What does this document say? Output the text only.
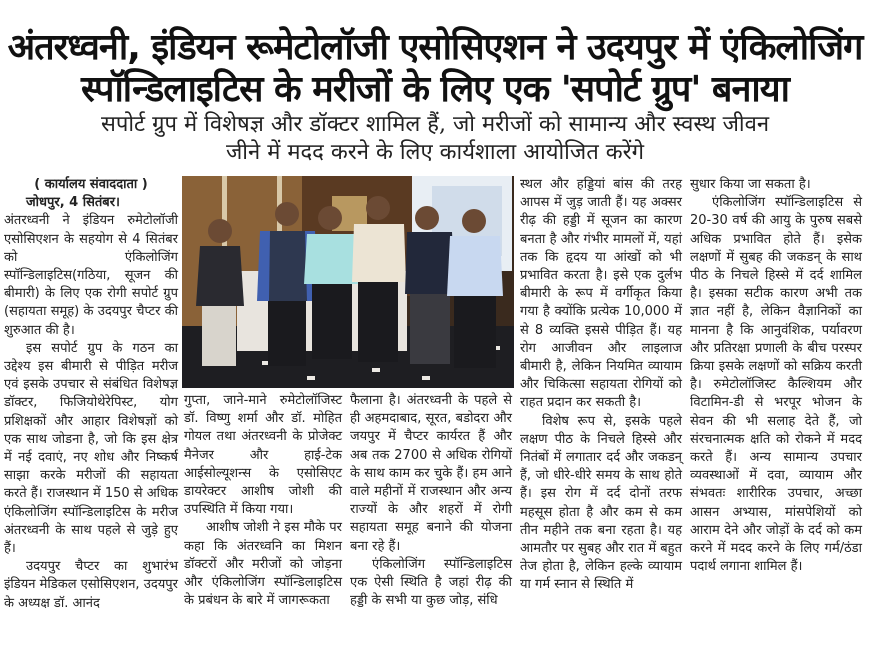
अंतरध्वनी, इंडियन रूमेटोलॉजी एसोसिएशन ने उदयपुर में एंकिलोजिंग
स्पॉन्डिलाइटिस के मरीजों के लिए एक 'सपोर्ट ग्रुप' बनाया
सपोर्ट ग्रुप में विशेषज्ञ और डॉक्टर शामिल हैं, जो मरीजों को सामान्य और स्वस्थ जीवन
जीने में मदद करने के लिए कार्यशाला आयोजित करेंगे

( कार्यालय संवाददाता )

जोधपुर, 4 सितंबर।

अंतरध्वनी ने इंडियन रुमेटोलॉजी एसोसिएशन के सहयोग से 4 सितंबर को एंकिलोजिंग स्पॉन्डिलाइटिस(गठिया, सूजन की बीमारी) के लिए एक रोगी सपोर्ट ग्रुप (सहायता समूह) के उदयपुर चैप्टर की शुरुआत की है।

इस सपोर्ट ग्रुप के गठन का उद्देश्य इस बीमारी से पीड़ित मरीज एवं इसके उपचार से संबंधित विशेषज्ञ डॉक्टर, फिजियोथेरेपिस्ट, योग प्रशिक्षकों और आहार विशेषज्ञों को एक साथ जोडना है, जो कि इस क्षेत्र में नई दवाएं, नए शोध और निष्कर्ष साझा करके मरीजों की सहायता करते हैं। राजस्थान में 150 से अधिक एंकिलोजिंग स्पॉन्डिलाइटिस के मरीज अंतरध्वनी के साथ पहले से जुड़े हुए हैं।

उदयपुर चैप्टर का शुभारंभ इंडियन मेडिकल एसोसिएशन, उदयपुर के अध्यक्ष डॉ. आनंद

गुप्ता, जाने-माने रुमेटोलॉजिस्ट डॉ. विष्णु शर्मा और डॉ. मोहित गोयल तथा अंतरध्वनी के प्रोजेक्ट मैनेजर और हाई-टेक आईसोल्यूशन्स के एसोसिएट डायरेक्टर आशीष जोशी की उपस्थिति में किया गया।

आशीष जोशी ने इस मौके पर कहा कि अंतरध्वनि का मिशन डॉक्टरों और मरीजों को जोड़ना और एंकिलोजिंग स्पॉन्डिलाइटिस के प्रबंधन के बारे में जागरूकता

फैलाना है। अंतरध्वनी के पहले से ही अहमदाबाद, सूरत, बडोदरा और जयपुर में चैप्टर कार्यरत हैं और अब तक 2700 से अधिक रोगियों के साथ काम कर चुके हैं। हम आने वाले महीनों में राजस्थान और अन्य राज्यों के और शहरों में रोगी सहायता समूह बनाने की योजना बना रहे हैं।

एंकिलोजिंग स्पॉन्डिलाइटिस एक ऐसी स्थिति है जहां रीढ़ की हड्डी के सभी या कुछ जोड़, संधि

स्थल और हड्डियां बांस की तरह आपस में जुड़ जाती हैं। यह अक्सर रीढ़ की हड्डी में सूजन का कारण बनता है और गंभीर मामलों में, यहां तक कि हृदय या आंखों को भी प्रभावित करता है। इसे एक दुर्लभ बीमारी के रूप में वर्गीकृत किया गया है क्योंकि प्रत्येक 10,000 में से 8 व्यक्ति इससे पीड़ित हैं। यह रोग आजीवन और लाइलाज बीमारी है, लेकिन नियमित व्यायाम और चिकित्सा सहायता रोगियों को राहत प्रदान कर सकती है।

विशेष रूप से, इसके पहले लक्षण पीठ के निचले हिस्से और नितंबों में लगातार दर्द और जकडन् हैं, जो धीरे-धीरे समय के साथ होते हैं। इस रोग में दर्द दोनों तरफ महसूस होता है और कम से कम तीन महीने तक बना रहता है। यह आमतौर पर सुबह और रात में बहुत तेज होता है, लेकिन हल्के व्यायाम या गर्म स्नान से स्थिति में

सुधार किया जा सकता है।

एंकिलोजिंग स्पॉन्डिलाइटिस से 20-30 वर्ष की आयु के पुरुष सबसे अधिक प्रभावित होते हैं। इसेक लक्षणों में सुबह की जकडन् के साथ पीठ के निचले हिस्से में दर्द शामिल है। इसका सटीक कारण अभी तक ज्ञात नहीं है, लेकिन वैज्ञानिकों का मानना है कि आनुवंशिक, पर्यावरण और प्रतिरक्षा प्रणाली के बीच परस्पर क्रिया इसके लक्षणों को सक्रिय करती है। रुमेटोलॉजिस्ट कैल्शियम और विटामिन-डी से भरपूर भोजन के सेवन की भी सलाह देते हैं, जो संरचनात्मक क्षति को रोकने में मदद करते हैं। अन्य सामान्य उपचार व्यवस्थाओं में दवा, व्यायाम और संभवतः शारीरिक उपचार, अच्छा आसन अभ्यास, मांसपेशियों को आराम देने और जोड़ों के दर्द को कम करने में मदद करने के लिए गर्म/ठंडा पदार्थ लगाना शामिल हैं।
